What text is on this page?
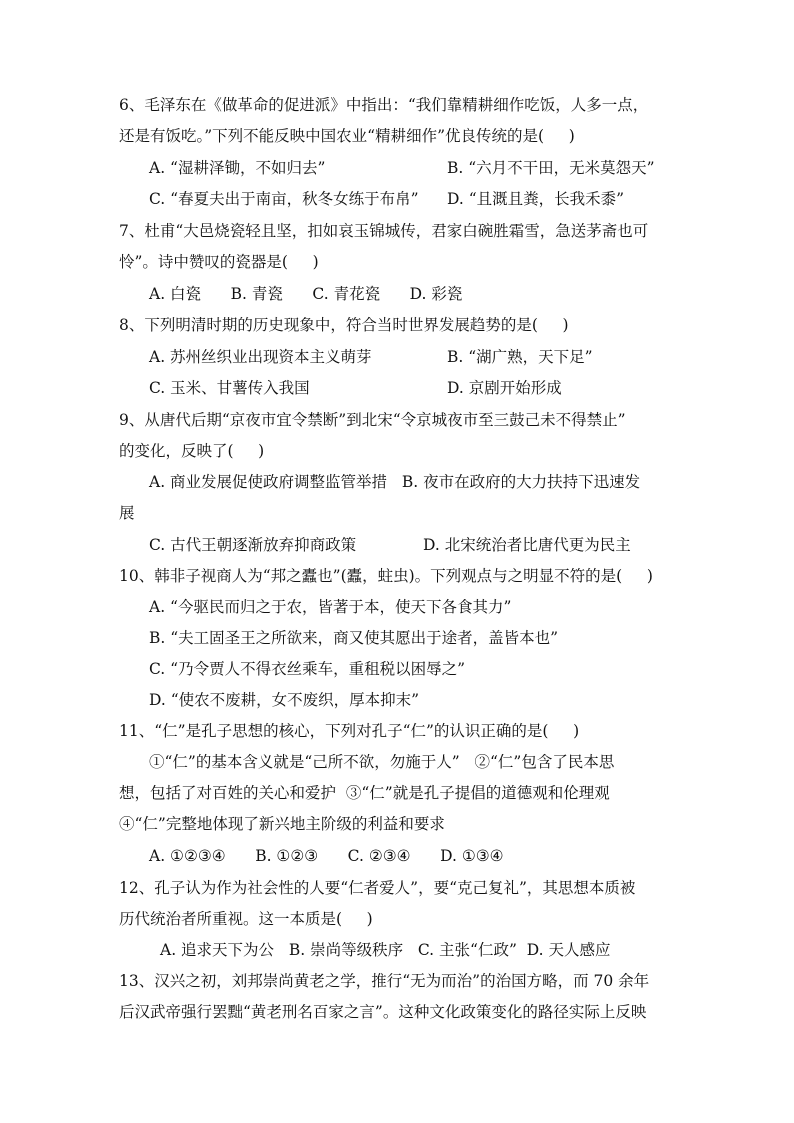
6、毛泽东在《做革命的促进派》中指出：“我们靠精耕细作吃饭，人多一点，
还是有饭吃。”下列不能反映中国农业“精耕细作”优良传统的是(     )
A. “湿耕泽锄，不如归去”	B. “六月不干田，无米莫怨天”
C. “春夏夫出于南亩，秋冬女练于布帛” D. “且溉且粪，长我禾黍”
7、杜甫“大邑烧瓷轻且坚，扣如哀玉锦城传，君家白碗胜霜雪，急送茅斋也可
怜”。诗中赞叹的瓷器是(     )
A. 白瓷      B. 青瓷      C. 青花瓷      D. 彩瓷
8、下列明清时期的历史现象中，符合当时世界发展趋势的是(     )
A. 苏州丝织业出现资本主义萌芽	B. “湖广熟，天下足”
C. 玉米、甘薯传入我国	D. 京剧开始形成
9、从唐代后期“京夜市宜令禁断”到北宋“令京城夜市至三鼓己未不得禁止”
的变化，反映了(     )
A. 商业发展促使政府调整监管举措   B. 夜市在政府的大力扶持下迅速发
展
C. 古代王朝逐渐放弃抑商政策	D. 北宋统治者比唐代更为民主
10、韩非子视商人为“邦之蠹也”(蠹，蛀虫)。下列观点与之明显不符的是(     )
A. “今驱民而归之于农，皆著于本，使天下各食其力”
B. “夫工固圣王之所欲来，商又使其愿出于途者，盖皆本也”
C. “乃令贾人不得衣丝乘车，重租税以困辱之”
D. “使农不废耕，女不废织，厚本抑末”
11、“仁”是孔子思想的核心，下列对孔子“仁”的认识正确的是(     )
①“仁”的基本含义就是“己所不欲，勿施于人”   ②“仁”包含了民本思
想，包括了对百姓的关心和爱护  ③“仁”就是孔子提倡的道德观和伦理观
④“仁”完整地体现了新兴地主阶级的利益和要求
A. ①②③④      B. ①②③      C. ②③④      D. ①③④
12、孔子认为作为社会性的人要“仁者爱人”，要“克己复礼”，其思想本质被
历代统治者所重视。这一本质是(     )
A. 追求天下为公   B. 崇尚等级秩序   C. 主张“仁政”  D. 天人感应
13、汉兴之初，刘邦崇尚黄老之学，推行“无为而治”的治国方略，而 70 余年
后汉武帝强行罢黜“黄老刑名百家之言”。这种文化政策变化的路径实际上反映
